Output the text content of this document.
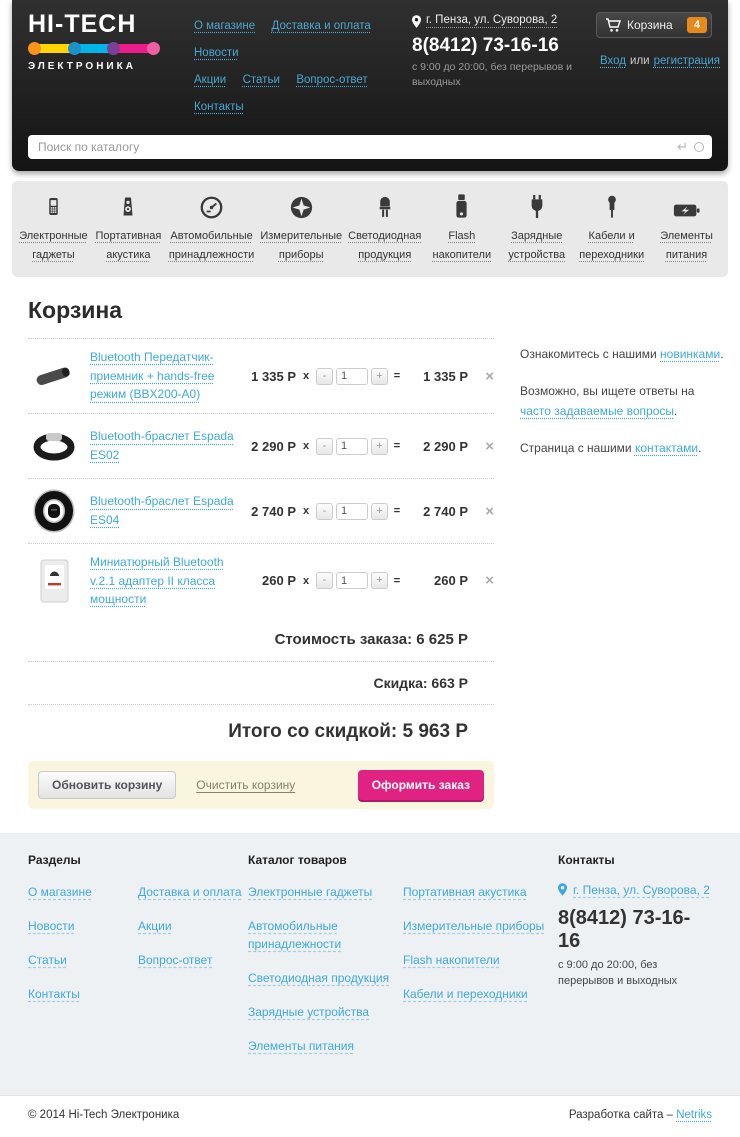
HI-TECH
ЭЛЕКТРОНИКА
О магазине Доставка и оплата Новости
Акции Статьи Вопрос-ответ Контакты
г. Пенза, ул. Суворова, 2
8(8412) 73-16-16
с 9:00 до 20:00, без перерывов и выходных
Корзина	4
Вход или регистрация
Поиск по каталогу
↵
Электронные гаджеты
Портативная акустика
Автомобильные принадлежности
Измерительные приборы
Светодиодная продукция
Flash накопители
Зарядные устройства
Кабели и переходники
Элементы питания
Корзина
Bluetooth Передатчик-приемник + hands-free режим (BBX200-A0)
1 335 Р x	-
1	+	=	1 335 Р	×
Bluetooth-браслет Espada ES02
2 290 Р x	-
1	+	=	2 290 Р	×
Bluetooth-браслет Espada ES04
2 740 Р x	-
1	+	=	2 740 Р	×
Миниатюрный Bluetooth v.2.1 адаптер II класса мощности
260 Р x	-
1	+	=	260 Р	×
Стоимость заказа: 6 625 Р
Скидка: 663 Р
Итого со скидкой: 5 963 Р
Обновить корзину	Очистить корзину	Оформить заказ

Ознакомитесь с нашими новинками.

Возможно, вы ищете ответы на часто задаваемые вопросы.

Страница с нашими контактами.

Разделы
О магазине
Новости
Статьи
Контакты
Доставка и оплата
Акции
Вопрос-ответ
Каталог товаров
Электронные гаджеты
Автомобильные принадлежности
Светодиодная продукция
Зарядные устройства
Элементы питания
Портативная акустика
Измерительные приборы
Flash накопители
Кабели и переходники
Контакты
г. Пенза, ул. Суворова, 2
8(8412) 73-16-16
с 9:00 до 20:00, без перерывов и выходных
© 2014 Hi-Tech Электроника	Разработка сайта – Netriks
